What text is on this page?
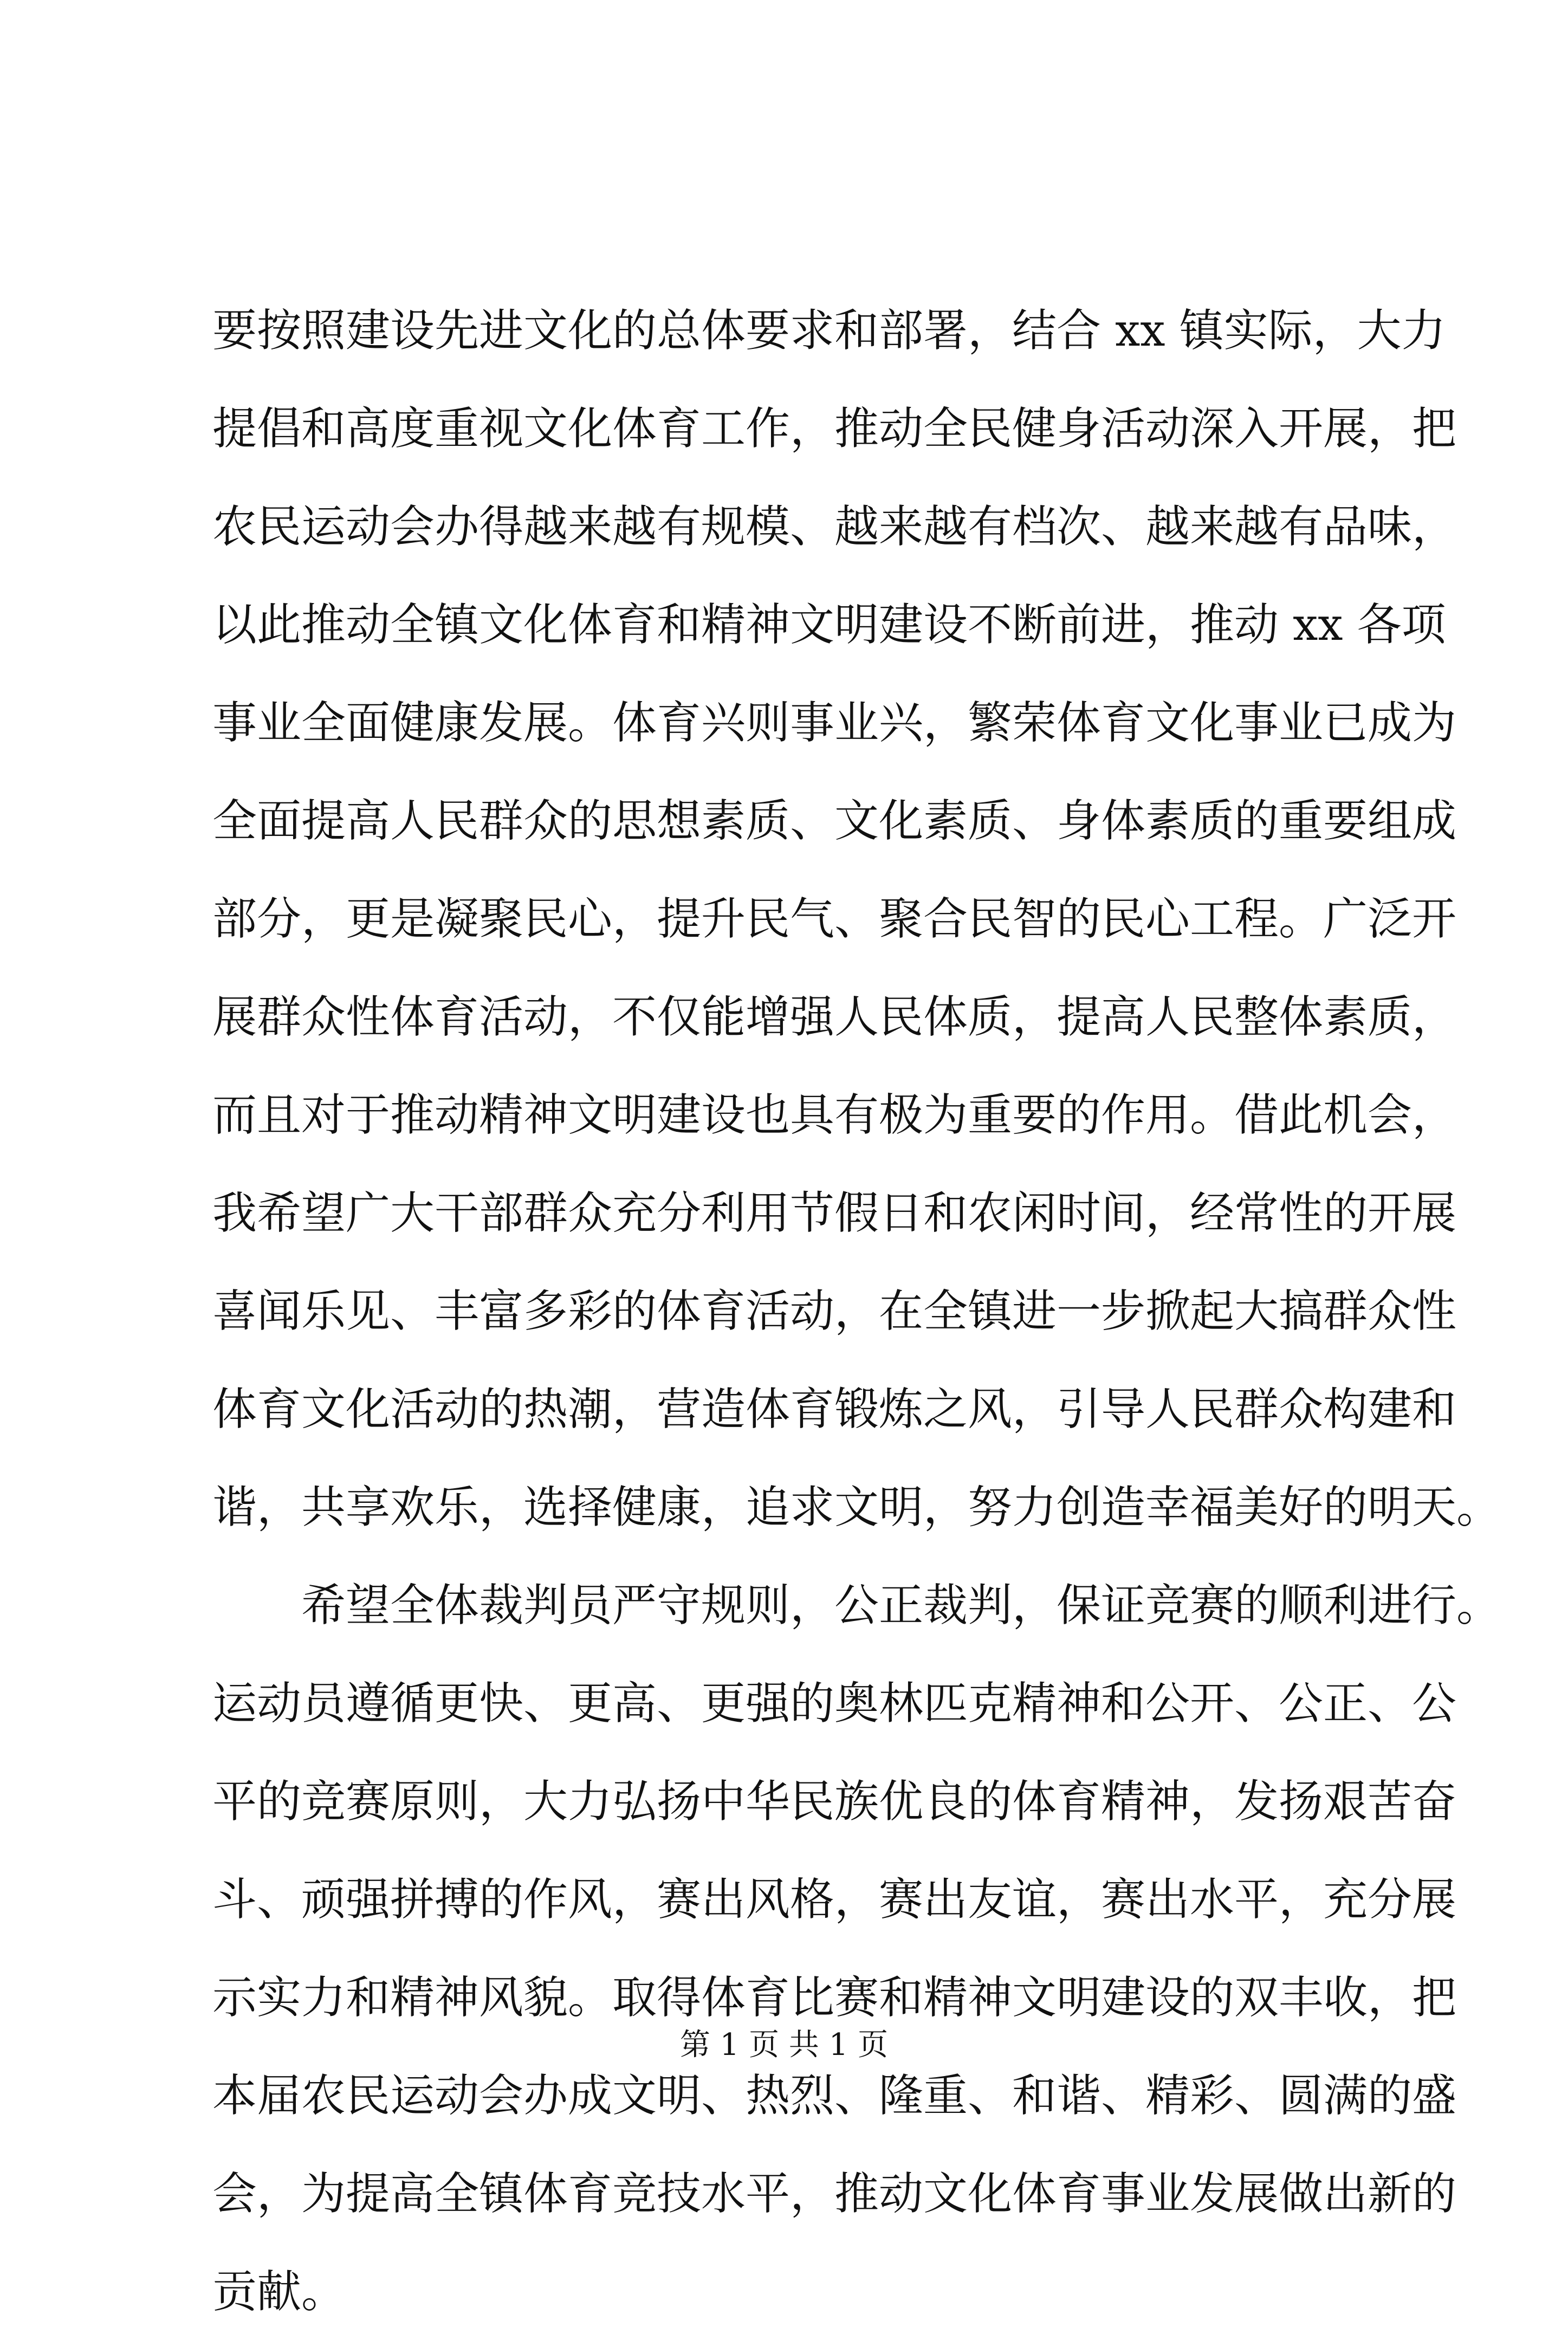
要按照建设先进文化的总体要求和部署，结合 xx 镇实际，大力
提倡和高度重视文化体育工作，推动全民健身活动深入开展，把
农民运动会办得越来越有规模、越来越有档次、越来越有品味，
以此推动全镇文化体育和精神文明建设不断前进，推动 xx 各项
事业全面健康发展。体育兴则事业兴，繁荣体育文化事业已成为
全面提高人民群众的思想素质、文化素质、身体素质的重要组成
部分，更是凝聚民心，提升民气、聚合民智的民心工程。广泛开
展群众性体育活动，不仅能增强人民体质，提高人民整体素质，
而且对于推动精神文明建设也具有极为重要的作用。借此机会，
我希望广大干部群众充分利用节假日和农闲时间，经常性的开展
喜闻乐见、丰富多彩的体育活动，在全镇进一步掀起大搞群众性
体育文化活动的热潮，营造体育锻炼之风，引导人民群众构建和
谐，共享欢乐，选择健康，追求文明，努力创造幸福美好的明天。
希望全体裁判员严守规则，公正裁判，保证竞赛的顺利进行。
运动员遵循更快、更高、更强的奥林匹克精神和公开、公正、公
平的竞赛原则，大力弘扬中华民族优良的体育精神，发扬艰苦奋
斗、顽强拼搏的作风，赛出风格，赛出友谊，赛出水平，充分展
示实力和精神风貌。取得体育比赛和精神文明建设的双丰收，把
本届农民运动会办成文明、热烈、隆重、和谐、精彩、圆满的盛
会，为提高全镇体育竞技水平，推动文化体育事业发展做出新的
贡献。
第 1 页 共 1 页
